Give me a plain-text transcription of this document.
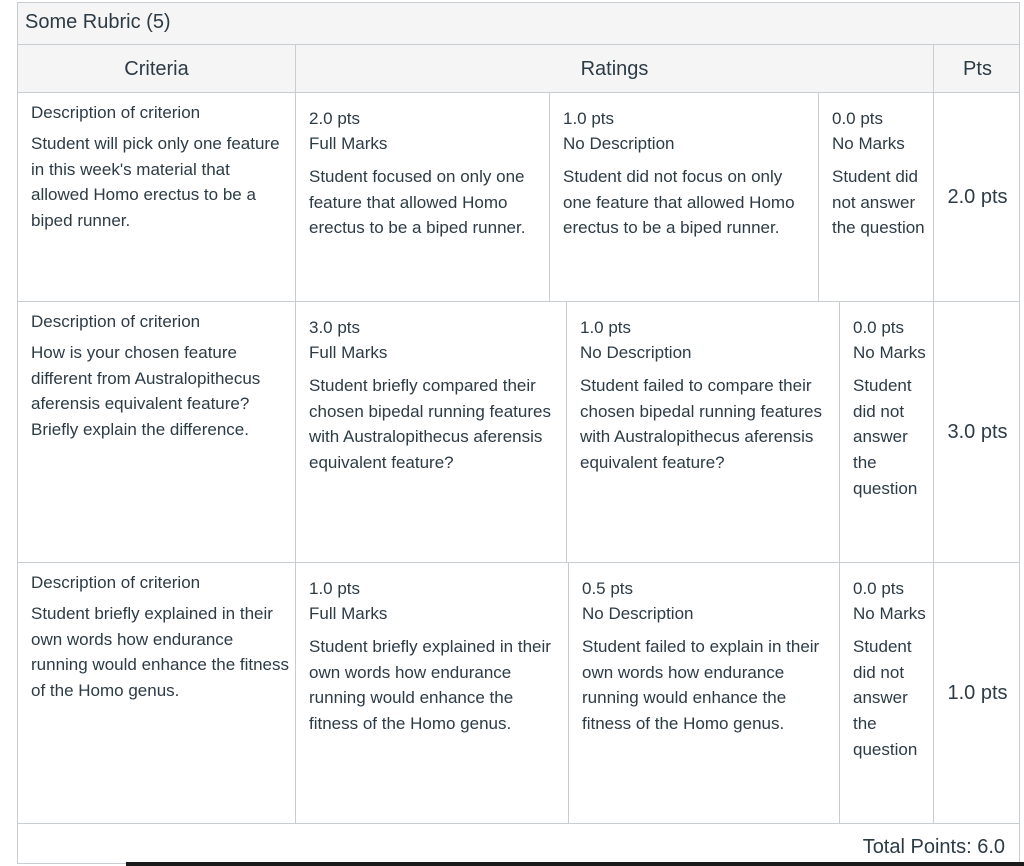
Some Rubric (5)
Criteria	Ratings	Pts
Description of criterion
Student will pick only one feature in this week's material that allowed Homo erectus to be a biped runner.
2.0 pts
Full Marks
Student focused on only one feature that allowed Homo erectus to be a biped runner.
1.0 pts
No Description
Student did not focus on only one feature that allowed Homo erectus to be a biped runner.
0.0 pts
No Marks
Student did not answer the question
2.0 pts
Description of criterion
How is your chosen feature different from Australopithecus aferensis equivalent feature? Briefly explain the difference.
3.0 pts
Full Marks
Student briefly compared their chosen bipedal running features with Australopithecus aferensis equivalent feature?
1.0 pts
No Description
Student failed to compare their chosen bipedal running features with Australopithecus aferensis equivalent feature?
0.0 pts
No Marks
Student did not answer the question
3.0 pts
Description of criterion
Student briefly explained in their own words how endurance running would enhance the fitness of the Homo genus.
1.0 pts
Full Marks
Student briefly explained in their own words how endurance running would enhance the fitness of the Homo genus.
0.5 pts
No Description
Student failed to explain in their own words how endurance running would enhance the fitness of the Homo genus.
0.0 pts
No Marks
Student did not answer the question
1.0 pts
Total Points: 6.0
